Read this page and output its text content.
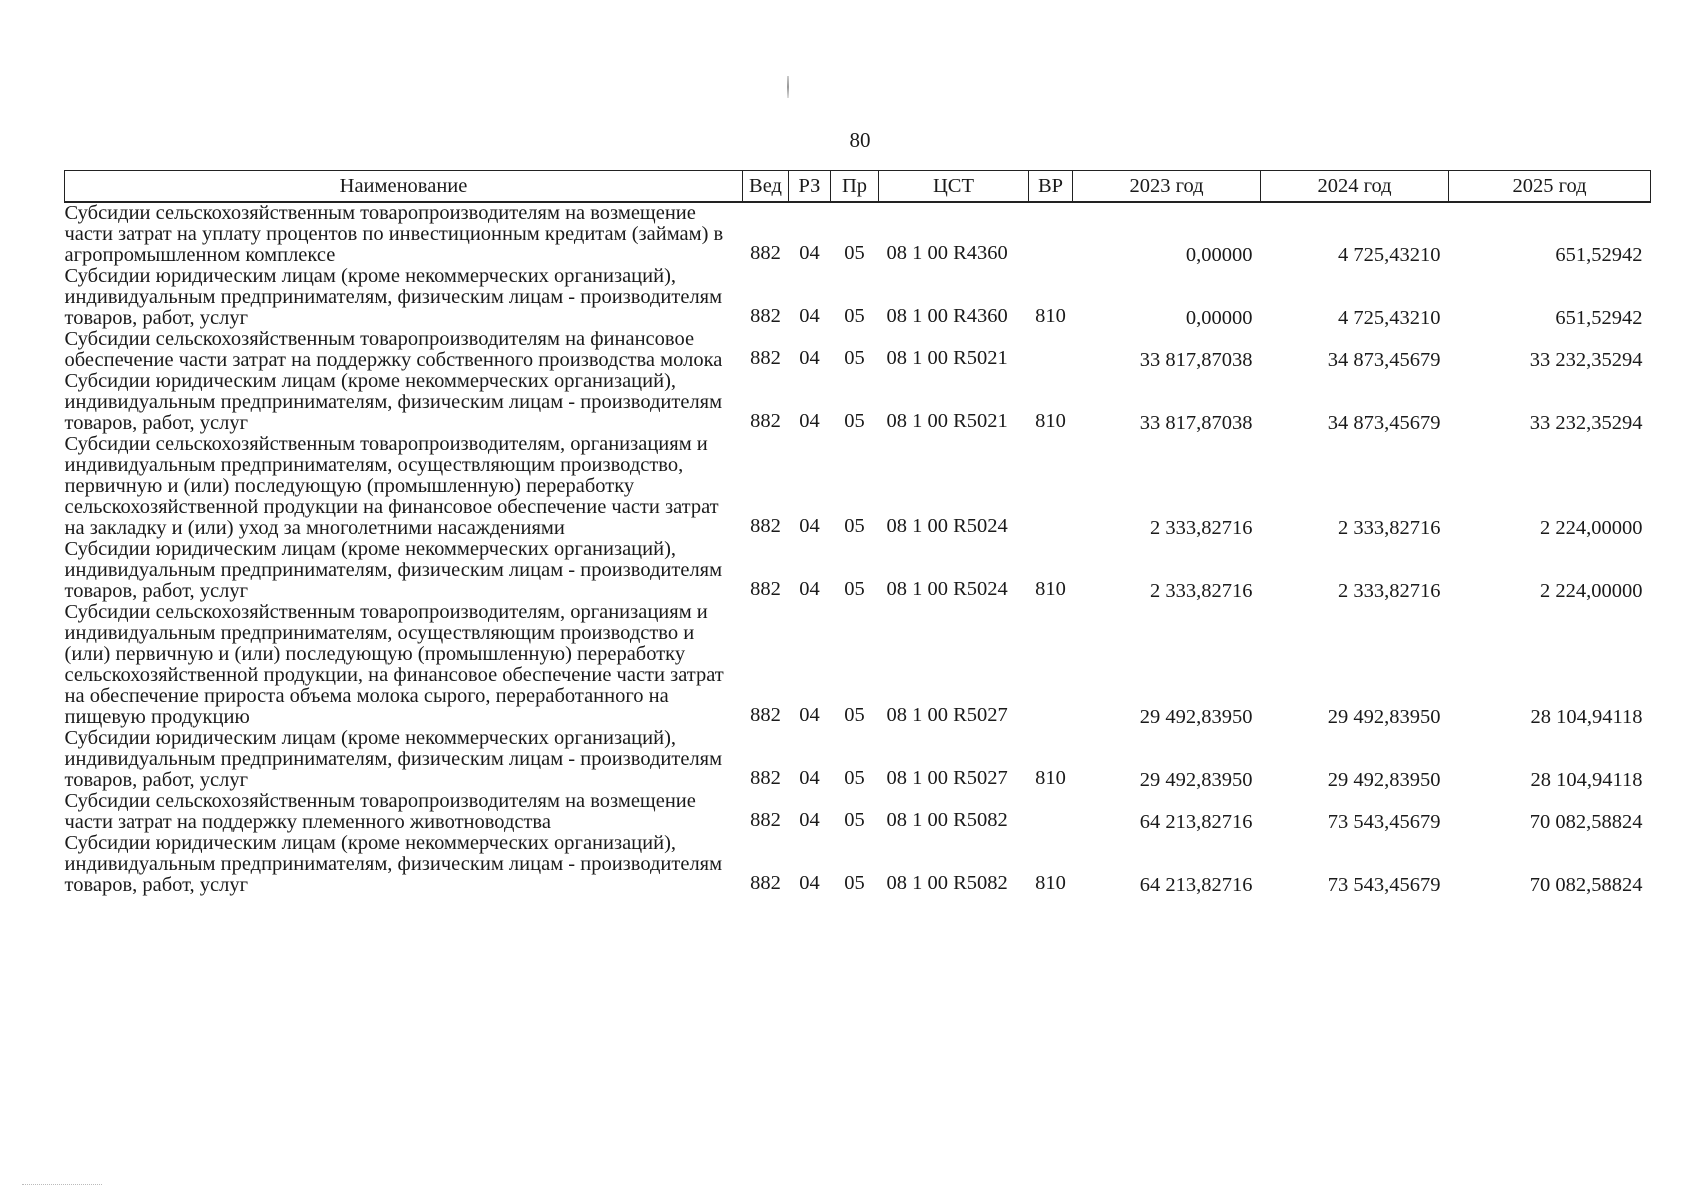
80
Наименование	Вед	РЗ	Пр	ЦСТ	ВР	2023 год	2024 год	2025 год
Субсидии сельскохозяйственным товаропроизводителям на возмещение части затрат на уплату процентов по инвестиционным кредитам (займам) в агропромышленном комплексе	882	04	05	08 1 00 R4360		0,00000	4 725,43210	651,52942
Субсидии юридическим лицам (кроме некоммерческих организаций), индивидуальным предпринимателям, физическим лицам - производителям товаров, работ, услуг	882	04	05	08 1 00 R4360	810	0,00000	4 725,43210	651,52942
Субсидии сельскохозяйственным товаропроизводителям на финансовое обеспечение части затрат на поддержку собственного производства молока	882	04	05	08 1 00 R5021		33 817,87038	34 873,45679	33 232,35294
Субсидии юридическим лицам (кроме некоммерческих организаций), индивидуальным предпринимателям, физическим лицам - производителям товаров, работ, услуг	882	04	05	08 1 00 R5021	810	33 817,87038	34 873,45679	33 232,35294
Субсидии сельскохозяйственным товаропроизводителям, организациям и индивидуальным предпринимателям, осуществляющим производство, первичную и (или) последующую (промышленную) переработку сельскохозяйственной продукции на финансовое обеспечение части затрат на закладку и (или) уход за многолетними насаждениями	882	04	05	08 1 00 R5024		2 333,82716	2 333,82716	2 224,00000
Субсидии юридическим лицам (кроме некоммерческих организаций), индивидуальным предпринимателям, физическим лицам - производителям товаров, работ, услуг	882	04	05	08 1 00 R5024	810	2 333,82716	2 333,82716	2 224,00000
Субсидии сельскохозяйственным товаропроизводителям, организациям и индивидуальным предпринимателям, осуществляющим производство и (или) первичную и (или) последующую (промышленную) переработку сельскохозяйственной продукции, на финансовое обеспечение части затрат на обеспечение прироста объема молока сырого, переработанного на пищевую продукцию	882	04	05	08 1 00 R5027		29 492,83950	29 492,83950	28 104,94118
Субсидии юридическим лицам (кроме некоммерческих организаций), индивидуальным предпринимателям, физическим лицам - производителям товаров, работ, услуг	882	04	05	08 1 00 R5027	810	29 492,83950	29 492,83950	28 104,94118
Субсидии сельскохозяйственным товаропроизводителям на возмещение части затрат на поддержку племенного животноводства	882	04	05	08 1 00 R5082		64 213,82716	73 543,45679	70 082,58824
Субсидии юридическим лицам (кроме некоммерческих организаций), индивидуальным предпринимателям, физическим лицам - производителям товаров, работ, услуг	882	04	05	08 1 00 R5082	810	64 213,82716	73 543,45679	70 082,58824
